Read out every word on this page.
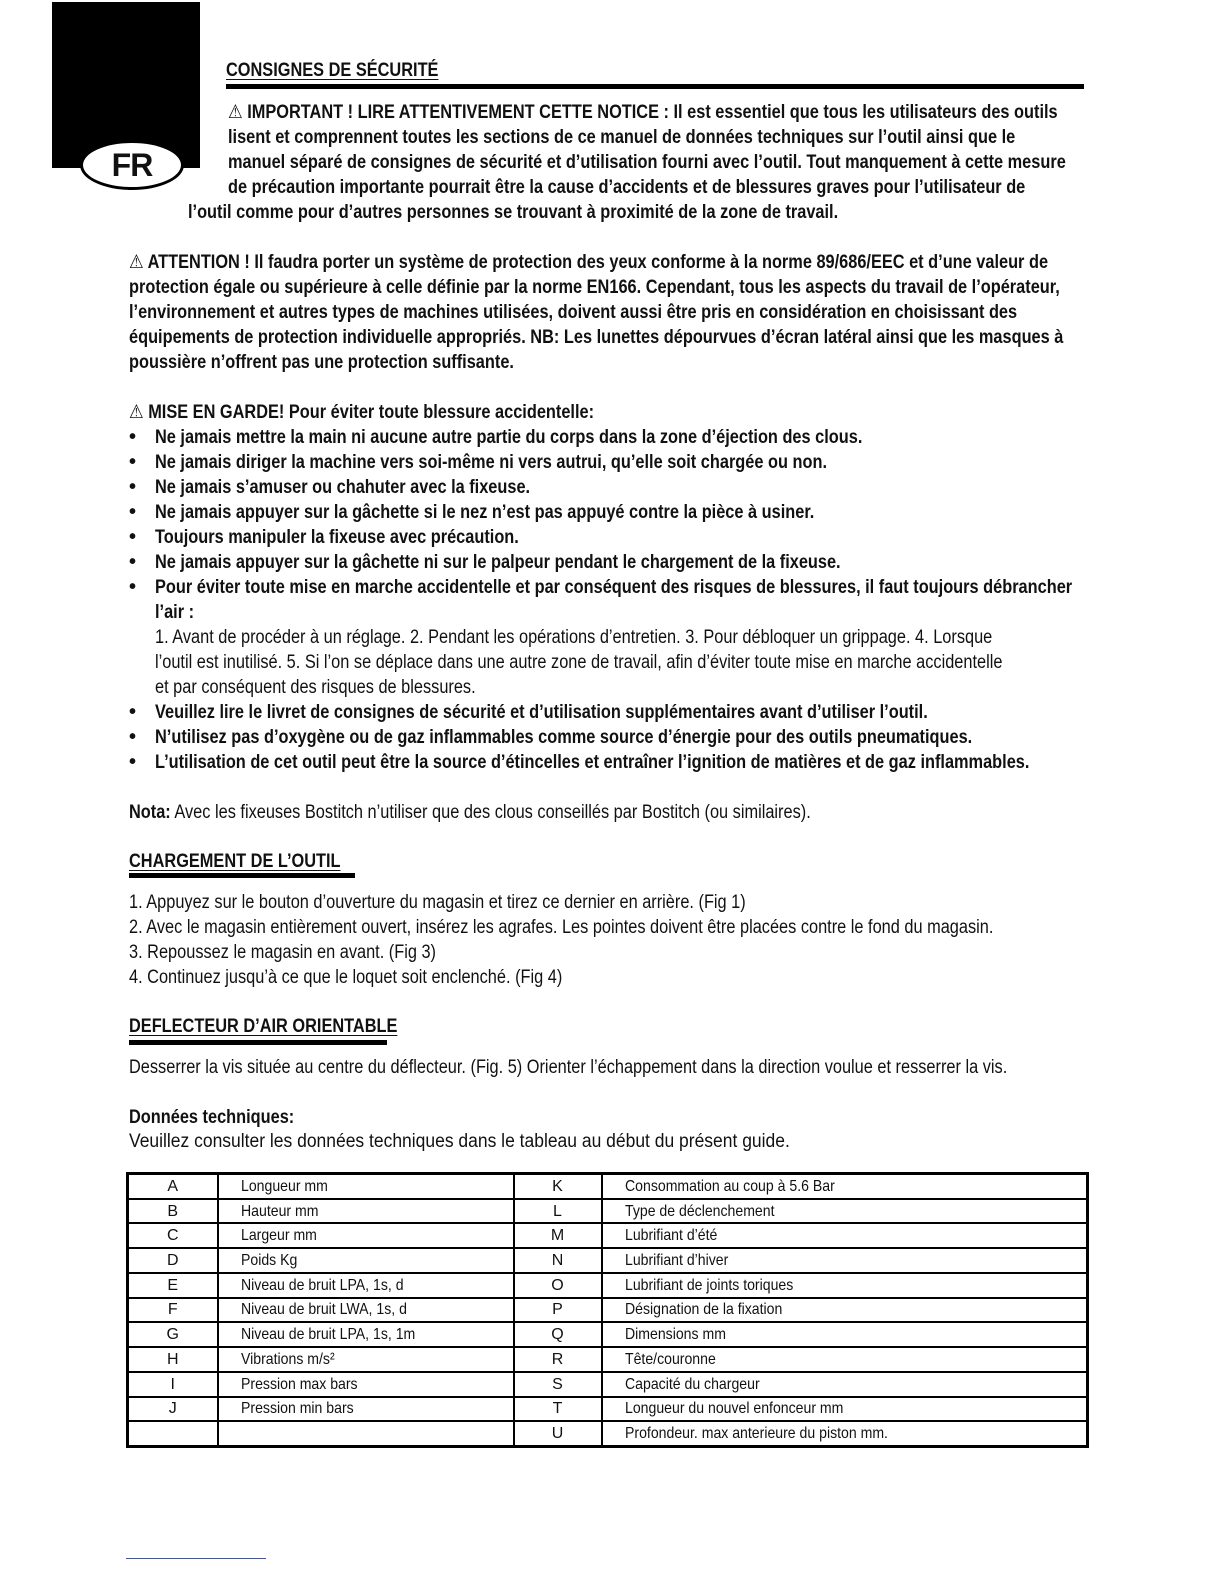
FR
CONSIGNES DE SÉCURITÉ
⚠ IMPORTANT ! LIRE ATTENTIVEMENT CETTE NOTICE : Il est essentiel que tous les utilisateurs des outils
lisent et comprennent toutes les sections de ce manuel de données techniques sur l’outil ainsi que le
manuel séparé de consignes de sécurité et d’utilisation fourni avec l’outil. Tout manquement à cette mesure
de précaution importante pourrait être la cause d’accidents et de blessures graves pour l’utilisateur de
l’outil comme pour d’autres personnes se trouvant à proximité de la zone de travail.
⚠ ATTENTION ! Il faudra porter un système de protection des yeux conforme à la norme 89/686/EEC et d’une valeur de
protection égale ou supérieure à celle définie par la norme EN166. Cependant, tous les aspects du travail de l’opérateur,
l’environnement et autres types de machines utilisées, doivent aussi être pris en considération en choisissant des
équipements de protection individuelle appropriés. NB: Les lunettes dépourvues d’écran latéral ainsi que les masques à
poussière n’offrent pas une protection suffisante.
⚠ MISE EN GARDE! Pour éviter toute blessure accidentelle:
• Ne jamais mettre la main ni aucune autre partie du corps dans la zone d’éjection des clous.
• Ne jamais diriger la machine vers soi-même ni vers autrui, qu’elle soit chargée ou non.
• Ne jamais s’amuser ou chahuter avec la fixeuse.
• Ne jamais appuyer sur la gâchette si le nez n’est pas appuyé contre la pièce à usiner.
• Toujours manipuler la fixeuse avec précaution.
• Ne jamais appuyer sur la gâchette ni sur le palpeur pendant le chargement de la fixeuse.
• Pour éviter toute mise en marche accidentelle et par conséquent des risques de blessures, il faut toujours débrancher
l’air :
1. Avant de procéder à un réglage. 2. Pendant les opérations d’entretien. 3. Pour débloquer un grippage. 4. Lorsque
l’outil est inutilisé. 5. Si l’on se déplace dans une autre zone de travail, afin d’éviter toute mise en marche accidentelle
et par conséquent des risques de blessures.
• Veuillez lire le livret de consignes de sécurité et d’utilisation supplémentaires avant d’utiliser l’outil.
• N’utilisez pas d’oxygène ou de gaz inflammables comme source d’énergie pour des outils pneumatiques.
• L’utilisation de cet outil peut être la source d’étincelles et entraîner l’ignition de matières et de gaz inflammables.
Nota: Avec les fixeuses Bostitch n’utiliser que des clous conseillés par Bostitch (ou similaires).
CHARGEMENT DE L’OUTIL
1. Appuyez sur le bouton d’ouverture du magasin et tirez ce dernier en arrière. (Fig 1)
2. Avec le magasin entièrement ouvert, insérez les agrafes. Les pointes doivent être placées contre le fond du magasin.
3. Repoussez le magasin en avant. (Fig 3)
4. Continuez jusqu’à ce que le loquet soit enclenché. (Fig 4)
DEFLECTEUR D’AIR ORIENTABLE
Desserrer la vis située au centre du déflecteur. (Fig. 5) Orienter l’échappement dans la direction voulue et resserrer la vis.
Données techniques:
Veuillez consulter les données techniques dans le tableau au début du présent guide.
A	Longueur mm	K	Consommation au coup à 5.6 Bar
B	Hauteur mm	L	Type de déclenchement
C	Largeur mm	M	Lubrifiant d’été
D	Poids Kg	N	Lubrifiant d’hiver
E	Niveau de bruit LPA, 1s, d	O	Lubrifiant de joints toriques
F	Niveau de bruit LWA, 1s, d	P	Désignation de la fixation
G	Niveau de bruit LPA, 1s, 1m	Q	Dimensions mm
H	Vibrations m/s²	R	Tête/couronne
I	Pression max bars	S	Capacité du chargeur
J	Pression min bars	T	Longueur du nouvel enfonceur mm
		U	Profondeur. max anterieure du piston mm.
